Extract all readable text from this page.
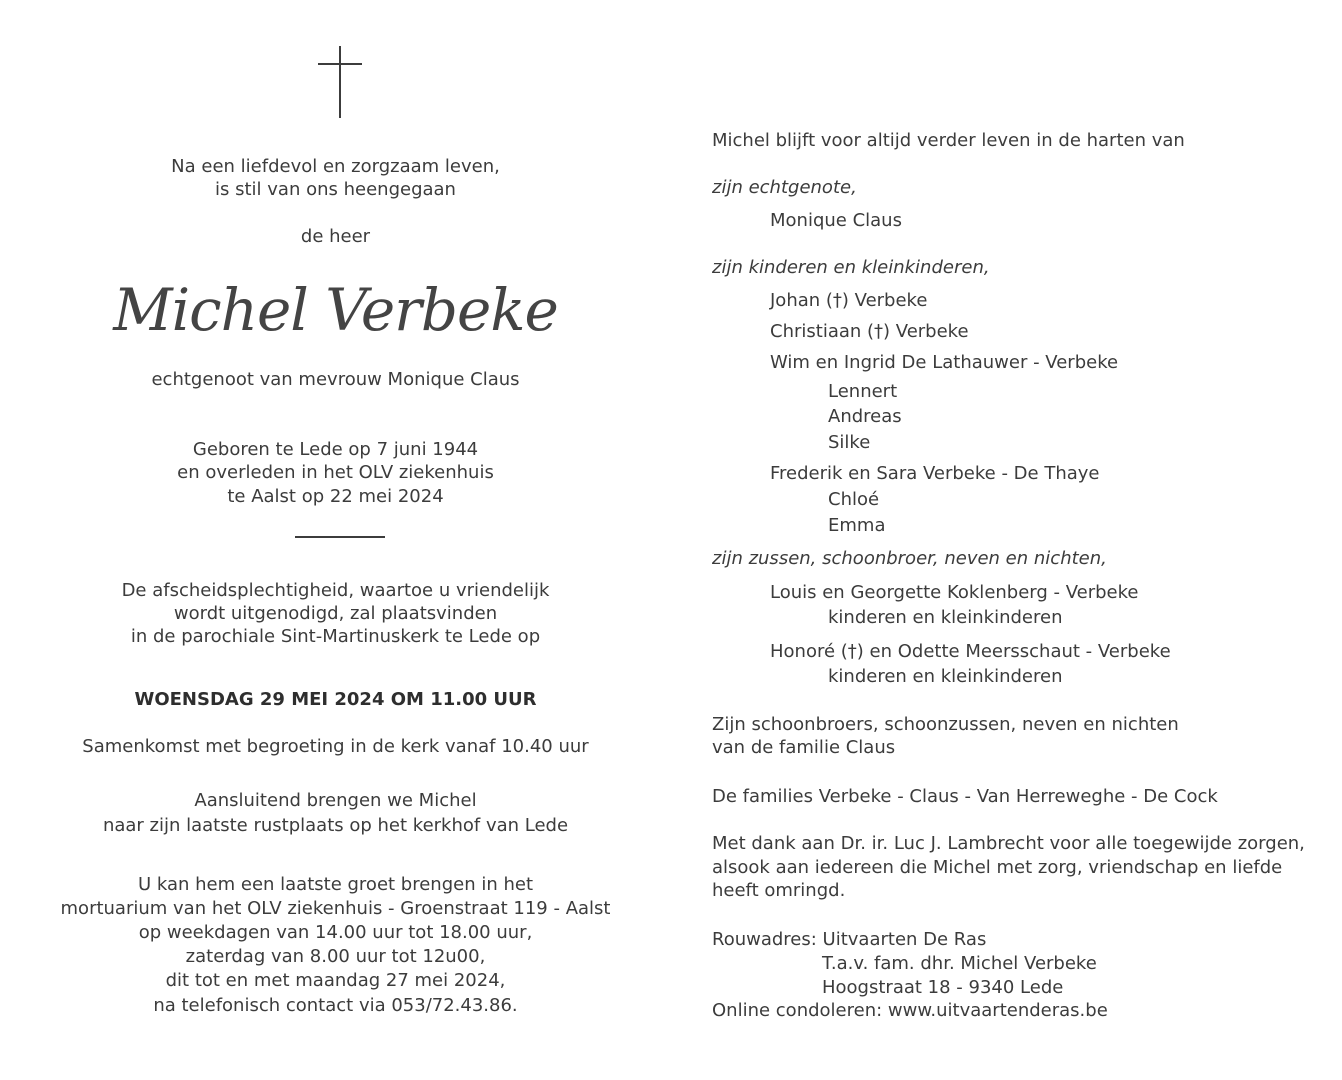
Na een liefdevol en zorgzaam leven,

is stil van ons heengegaan

de heer

Michel Verbeke

echtgenoot van mevrouw Monique Claus

Geboren te Lede op 7 juni 1944

en overleden in het OLV ziekenhuis

te Aalst op 22 mei 2024

De afscheidsplechtigheid, waartoe u vriendelijk

wordt uitgenodigd, zal plaatsvinden

in de parochiale Sint-Martinuskerk te Lede op

WOENSDAG 29 MEI 2024 OM 11.00 UUR

Samenkomst met begroeting in de kerk vanaf 10.40 uur

Aansluitend brengen we Michel

naar zijn laatste rustplaats op het kerkhof van Lede

U kan hem een laatste groet brengen in het

mortuarium van het OLV ziekenhuis - Groenstraat 119 - Aalst

op weekdagen van 14.00 uur tot 18.00 uur,

zaterdag van 8.00 uur tot 12u00,

dit tot en met maandag 27 mei 2024,

na telefonisch contact via 053/72.43.86.

Michel blijft voor altijd verder leven in de harten van

zijn echtgenote,

Monique Claus

zijn kinderen en kleinkinderen,

Johan (†) Verbeke

Christiaan (†) Verbeke

Wim en Ingrid De Lathauwer - Verbeke

Lennert

Andreas

Silke

Frederik en Sara Verbeke - De Thaye

Chloé

Emma

zijn zussen, schoonbroer, neven en nichten,

Louis en Georgette Koklenberg - Verbeke

kinderen en kleinkinderen

Honoré (†) en Odette Meersschaut - Verbeke

kinderen en kleinkinderen

Zijn schoonbroers, schoonzussen, neven en nichten

van de familie Claus

De families Verbeke - Claus - Van Herreweghe - De Cock

Met dank aan Dr. ir. Luc J. Lambrecht voor alle toegewijde zorgen,

alsook aan iedereen die Michel met zorg, vriendschap en liefde

heeft omringd.

Rouwadres: Uitvaarten De Ras

T.a.v. fam. dhr. Michel Verbeke

Hoogstraat 18 - 9340 Lede

Online condoleren: www.uitvaartenderas.be
